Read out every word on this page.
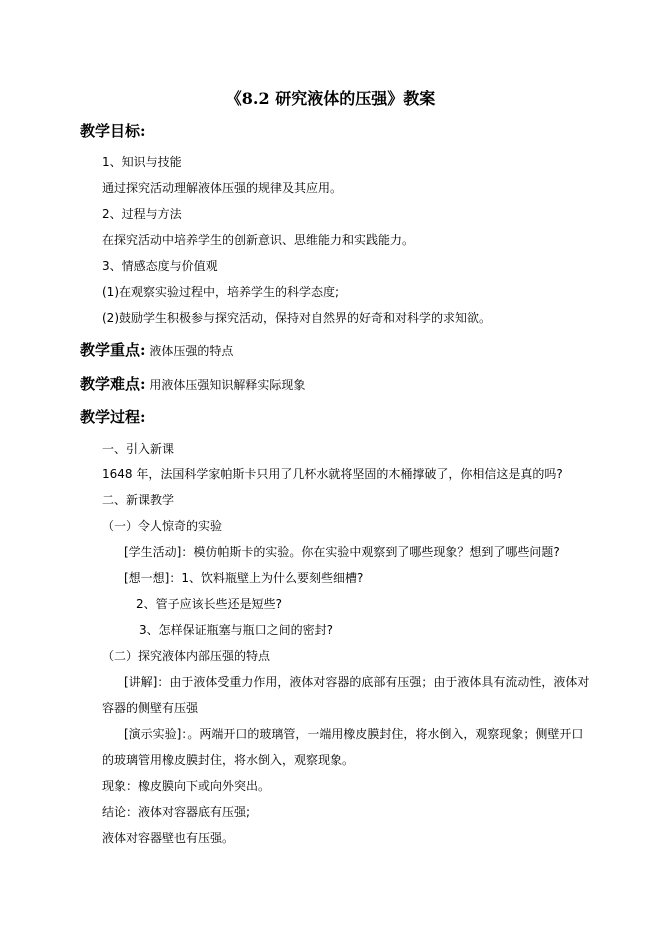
《8.2 研究液体的压强》教案
教学目标:
1、知识与技能
通过探究活动理解液体压强的规律及其应用。
2、过程与方法
在探究活动中培养学生的创新意识、思维能力和实践能力。
3、情感态度与价值观
(1)在观察实验过程中，培养学生的科学态度;
(2)鼓励学生积极参与探究活动，保持对自然界的好奇和对科学的求知欲。
教学重点: 液体压强的特点
教学难点: 用液体压强知识解释实际现象
教学过程:
一、引入新课
1648 年，法国科学家帕斯卡只用了几杯水就将坚固的木桶撑破了，你相信这是真的吗?
二、新课教学
（一）令人惊奇的实验
[学生活动]：模仿帕斯卡的实验。你在实验中观察到了哪些现象？想到了哪些问题?
[想一想]：1、饮料瓶壁上为什么要刻些细槽?
2、管子应该长些还是短些?
3、怎样保证瓶塞与瓶口之间的密封?
（二）探究液体内部压强的特点
[讲解]：由于液体受重力作用，液体对容器的底部有压强；由于液体具有流动性，液体对
容器的侧壁有压强
[演示实验]：。两端开口的玻璃管，一端用橡皮膜封住，将水倒入，观察现象；侧壁开口
的玻璃管用橡皮膜封住，将水倒入，观察现象。
现象：橡皮膜向下或向外突出。
结论：液体对容器底有压强;
液体对容器壁也有压强。
